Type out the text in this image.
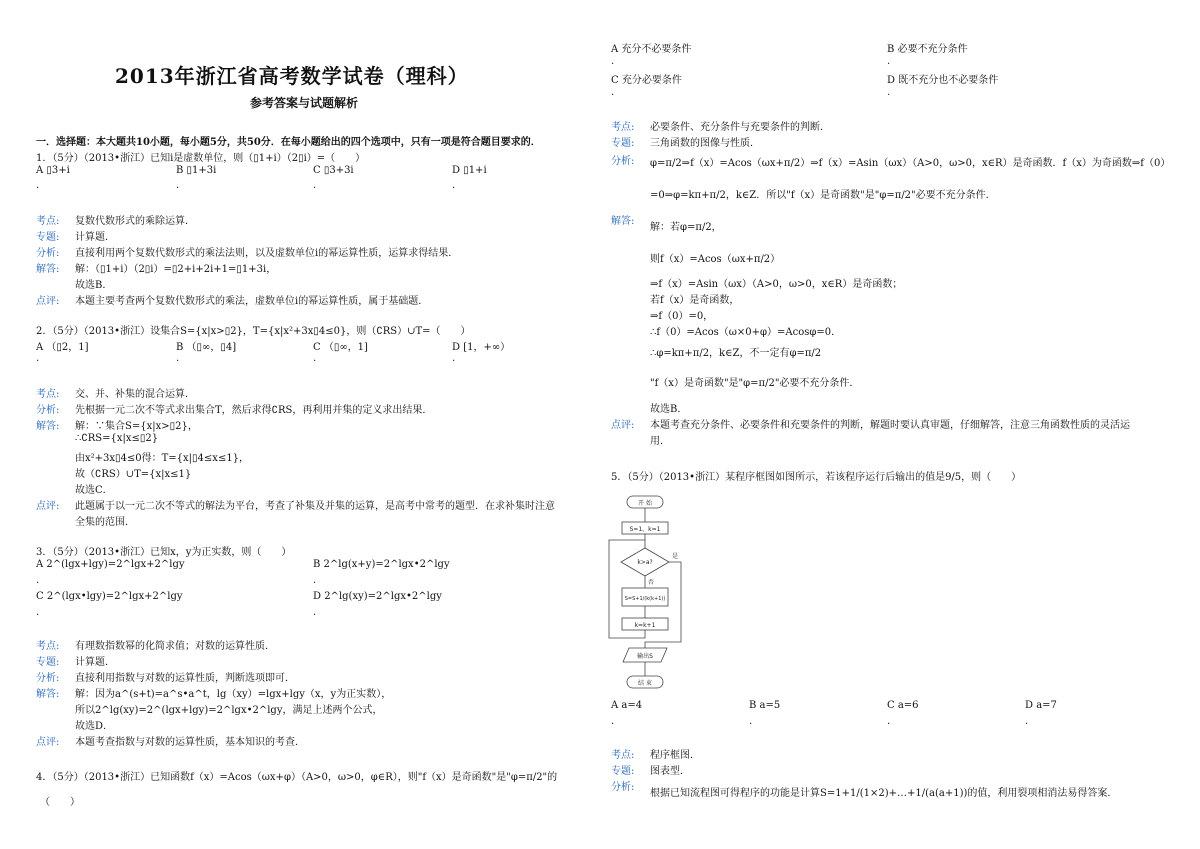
2013年浙江省高考数学试卷（理科）
参考答案与试题解析
一．选择题：本大题共10小题，每小题5分，共50分．在每小题给出的四个选项中，只有一项是符合题目要求的．
1．（5分）（2013•浙江）已知i是虚数单位，则（▯1+i）（2▯i）=（　　）
A ▯3+i	B ▯1+3i	C ▯3+3i	D ▯1+i
.	.	.	.
考点: 复数代数形式的乘除运算．
专题: 计算题．
分析: 直接利用两个复数代数形式的乘法法则，以及虚数单位i的幂运算性质，运算求得结果．
解答: 解：（▯1+i）（2▯i）=▯2+i+2i+1=▯1+3i，
故选B．
点评: 本题主要考查两个复数代数形式的乘法，虚数单位i的幂运算性质，属于基础题．
2．（5分）（2013•浙江）设集合S={x|x>▯2}，T={x|x²+3x▯4≤0}，则（∁RS）∪T=（　　）
A （▯2，1]	B （▯∞，▯4]	C （▯∞，1]	D [1，+∞）
.	.	.	.
考点: 交、并、补集的混合运算．
分析: 先根据一元二次不等式求出集合T，然后求得∁RS，再利用并集的定义求出结果．
解答: 解：∵集合S={x|x>▯2}，
∴∁RS={x|x≤▯2}
由x²+3x▯4≤0得：T={x|▯4≤x≤1}，
故（∁RS）∪T={x|x≤1}
故选C．
点评: 此题属于以一元二次不等式的解法为平台，考查了补集及并集的运算，是高考中常考的题型．在求补集时注意
全集的范围．
3．（5分）（2013•浙江）已知x，y为正实数，则（　　）
A 2^(lgx+lgy)=2^lgx+2^lgy	B 2^lg(x+y)=2^lgx•2^lgy
.	.
C 2^(lgx•lgy)=2^lgx+2^lgy	D 2^lg(xy)=2^lgx•2^lgy
.	.
考点: 有理数指数幂的化简求值；对数的运算性质．
专题: 计算题．
分析: 直接利用指数与对数的运算性质，判断选项即可．
解答: 解：因为a^(s+t)=a^s•a^t，lg（xy）=lgx+lgy（x，y为正实数），
所以2^lg(xy)=2^(lgx+lgy)=2^lgx•2^lgy，满足上述两个公式，
故选D．
点评: 本题考查指数与对数的运算性质，基本知识的考查．
4．（5分）（2013•浙江）已知函数f（x）=Acos（ωx+φ）（A>0，ω>0，φ∈R），则"f（x）是奇函数"是"φ=π/2"的
（　　）
A 充分不必要条件	B 必要不充分条件
.	.
C 充分必要条件	D 既不充分也不必要条件
.	.
考点: 必要条件、充分条件与充要条件的判断．
专题: 三角函数的图像与性质．
分析: φ=π/2⇒f（x）=Acos（ωx+π/2）⇒f（x）=Asin（ωx）（A>0，ω>0，x∈R）是奇函数．f（x）为奇函数⇒f（0）
=0⇒φ=kπ+π/2，k∈Z．所以"f（x）是奇函数"是"φ=π/2"必要不充分条件．
解答:
解：若φ=π/2，
则f（x）=Acos（ωx+π/2）
⇒f（x）=Asin（ωx）（A>0，ω>0，x∈R）是奇函数；
若f（x）是奇函数，
⇒f（0）=0，
∴f（0）=Acos（ω×0+φ）=Acosφ=0．
∴φ=kπ+π/2，k∈Z，不一定有φ=π/2
"f（x）是奇函数"是"φ=π/2"必要不充分条件．
故选B．
点评: 本题考查充分条件、必要条件和充要条件的判断，解题时要认真审题，仔细解答，注意三角函数性质的灵活运
用．
5．（5分）（2013•浙江）某程序框图如图所示，若该程序运行后输出的值是9/5，则（　　）
开 始
S=1，k=1
k>a?
是
否
S=S+1/(k(k+1))
k=k+1
输出S
结 束
A a=4	B a=5	C a=6	D a=7
.	.	.	.
考点: 程序框图．
专题: 图表型．
分析:
根据已知流程图可得程序的功能是计算S=1+1/(1×2)+…+1/(a(a+1))的值，利用裂项相消法易得答案．
